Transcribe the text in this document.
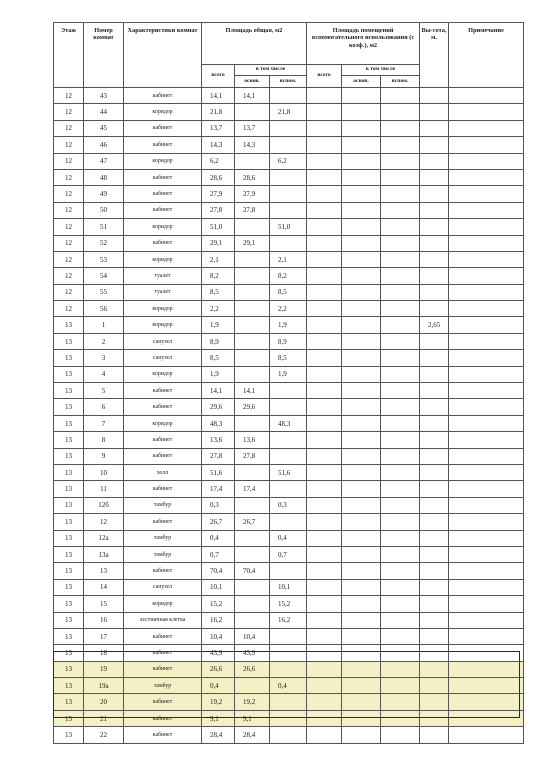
Этаж	Номер комнат	Характеристики комнат	Площадь общая, м2			Площадь помещений вспомогательного использования (с коэф.), м2			Вы-сота, м.	Примечание
			всего	в том числе		всего	в том числе			
				основ.	вспом.		основ.	вспом.		
12	43	кабинет	14,1	14,1						
12	44	коридор	21,8		21,8					
12	45	кабинет	13,7	13,7						
12	46	кабинет	14,3	14,3						
12	47	коридор	6,2		6,2					
12	48	кабинет	28,6	28,6						
12	49	кабинет	27,9	27,9						
12	50	кабинет	27,8	27,8						
12	51	коридор	51,0		51,0					
12	52	кабинет	29,1	29,1						
12	53	коридор	2,1		2,1					
12	54	туалет	8,2		8,2					
12	55	туалет	8,5		8,5					
12	56	коридор	2,2		2,2					
13	1	коридор	1,9		1,9				2,65	
13	2	санузел	8,9		8,9					
13	3	санузел	8,5		8,5					
13	4	коридор	1,9		1,9					
13	5	кабинет	14,1	14,1						
13	6	кабинет	29,6	29,6						
13	7	коридор	48,3		48,3					
13	8	кабинет	13,6	13,6						
13	9	кабинет	27,8	27,8						
13	10	холл	51,6		51,6					
13	11	кабинет	17,4	17,4						
13	12б	тамбур	0,3		0,3					
13	12	кабинет	26,7	26,7						
13	12а	тамбур	0,4		0,4					
13	13а	тамбур	0,7		0,7					
13	13	кабинет	70,4	70,4						
13	14	санузел	10,1		10,1					
13	15	коридор	15,2		15,2					
13	16	лестничная клетка	16,2		16,2					
13	17	кабинет	10,4	10,4						
13	18	кабинет	43,9	43,9						
13	19	кабинет	26,6	26,6						
13	19а	тамбур	0,4		0,4					
13	20	кабинет	19,2	19,2						
13	21	кабинет	9,1	9,1						
13	22	кабинет	28,4	28,4						
